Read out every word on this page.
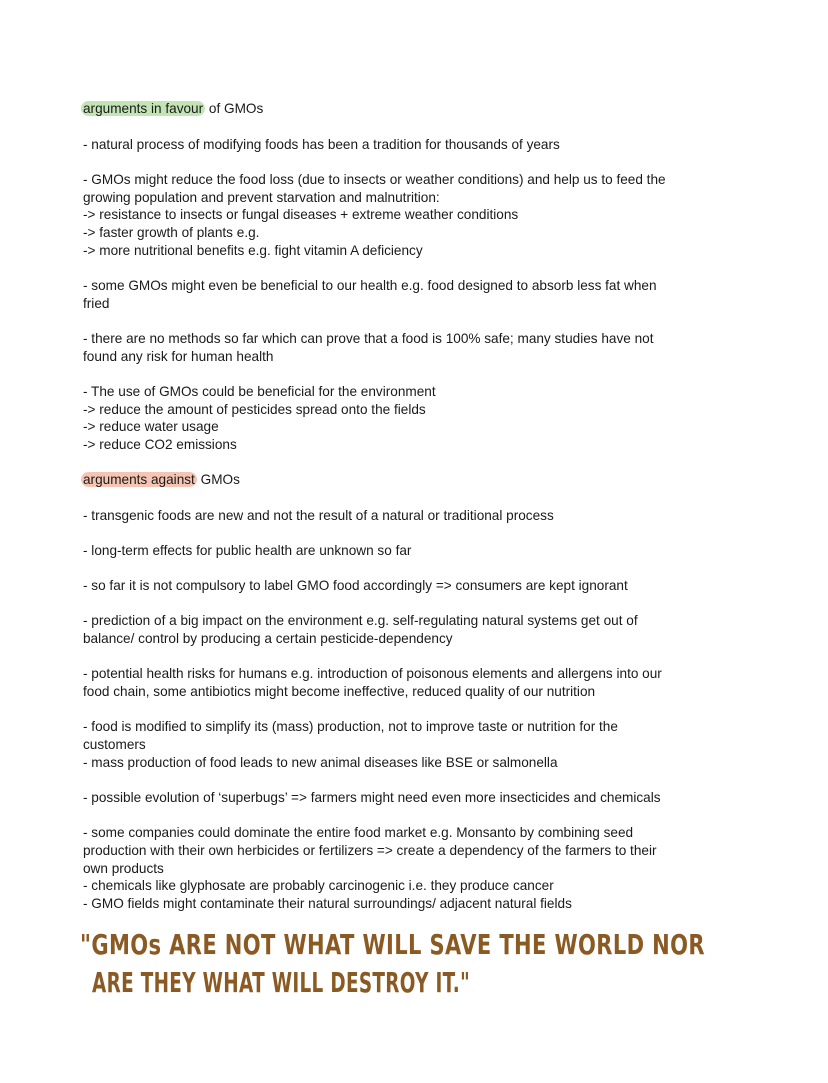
arguments in favour of GMOs

- natural process of modifying foods has been a tradition for thousands of years

- GMOs might reduce the food loss (due to insects or weather conditions) and help us to feed the

growing population and prevent starvation and malnutrition:

-> resistance to insects or fungal diseases + extreme weather conditions

-> faster growth of plants e.g.

-> more nutritional benefits e.g. fight vitamin A deficiency

- some GMOs might even be beneficial to our health e.g. food designed to absorb less fat when

fried

- there are no methods so far which can prove that a food is 100% safe; many studies have not

found any risk for human health

- The use of GMOs could be beneficial for the environment

-> reduce the amount of pesticides spread onto the fields

-> reduce water usage

-> reduce CO2 emissions

arguments against GMOs

- transgenic foods are new and not the result of a natural or traditional process

- long-term effects for public health are unknown so far

- so far it is not compulsory to label GMO food accordingly => consumers are kept ignorant

- prediction of a big impact on the environment e.g. self-regulating natural systems get out of

balance/ control by producing a certain pesticide-dependency

- potential health risks for humans e.g. introduction of poisonous elements and allergens into our

food chain, some antibiotics might become ineffective, reduced quality of our nutrition

- food is modified to simplify its (mass) production, not to improve taste or nutrition for the

customers

- mass production of food leads to new animal diseases like BSE or salmonella

- possible evolution of ‘superbugs’ => farmers might need even more insecticides and chemicals

- some companies could dominate the entire food market e.g. Monsanto by combining seed

production with their own herbicides or fertilizers => create a dependency of the farmers to their

own products

- chemicals like glyphosate are probably carcinogenic i.e. they produce cancer

- GMO fields might contaminate their natural surroundings/ adjacent natural fields

"GMOs ARE NOT WHAT WILL SAVE THE WORLD NOR

ARE THEY WHAT WILL DESTROY IT."
